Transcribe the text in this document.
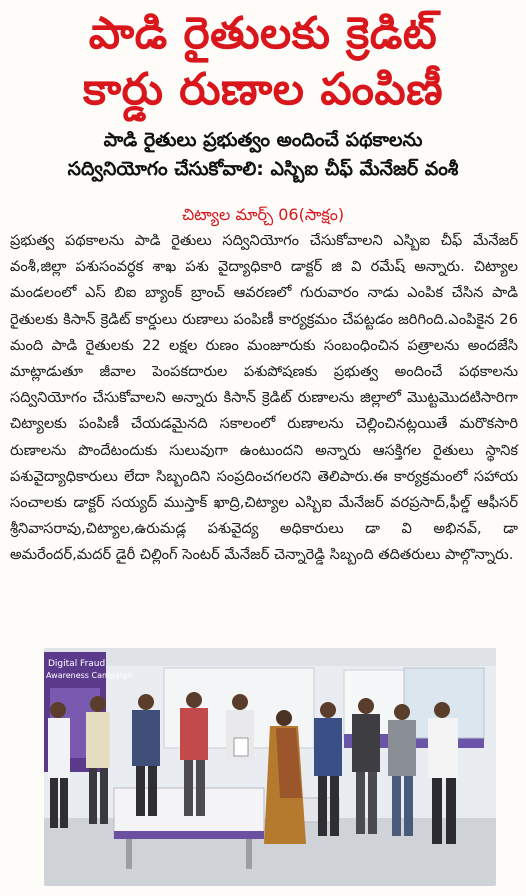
పాడి రైతులకు క్రెడిట్
కార్డు రుణాల పంపిణీ
పాడి రైతులు ప్రభుత్వం అందించే పథకాలను
సద్వినియోగం చేసుకోవాలి: ఎస్బిఐ చీఫ్ మేనేజర్ వంశీ
చిట్యాల మార్చ్ 06(సాక్షం)

ప్రభుత్వ పథకాలను పాడి రైతులు సద్వినియోగం చేసుకోవాలని ఎస్బిఐ చీఫ్ మేనేజర్ వంశీ,జిల్లా పశుసంవర్ధక శాఖ పశు వైద్యాధికారి డాక్టర్ జి వి రమేష్ అన్నారు. చిట్యాల మండలంలో ఎస్ బిఐ బ్యాంక్ బ్రాంచ్ ఆవరణలో గురువారం నాడు ఎంపిక చేసిన పాడి రైతులకు కిసాన్ క్రెడిట్ కార్డులు రుణాలు పంపిణీ కార్యక్రమం చేపట్టడం జరిగింది.ఎంపికైన 26 మంది పాడి రైతులకు 22 లక్షల రుణం మంజూరుకు సంబంధించిన పత్రాలను అందజేసి మాట్లాడుతూ జీవాల పెంపకదారుల పశుపోషణకు ప్రభుత్వ అందించే పథకాలను సద్వినియోగం చేసుకోవాలని అన్నారు కిసాన్ క్రెడిట్ రుణాలను జిల్లాలో మొట్టమొదటిసారిగా చిట్యాలకు పంపిణీ చేయడమైనది సకాలంలో రుణాలను చెల్లించినట్లయితే మరొకసారి రుణాలను పొందేటందుకు సులువుగా ఉంటుందని అన్నారు ఆసక్తిగల రైతులు స్థానిక పశువైద్యాధికారులు లేదా సిబ్బందిని సంప్రదించగలరని తెలిపారు.ఈ కార్యక్రమంలో సహాయ సంచాలకు డాక్టర్ సయ్యద్ ముస్తాక్ ఖాద్రి,చిట్యాల ఎస్బిఐ మేనేజర్ వరప్రసాద్,ఫీల్డ్ ఆఫీసర్ శ్రీనివాసరావు,చిట్యాల,ఉరుమడ్ల పశువైద్య అధికారులు డా వి అభినవ్, డా అమరేందర్,మదర్ డైరీ చిల్లింగ్ సెంటర్ మేనేజర్ చెన్నారెడ్డి సిబ్బంది తదితరులు పాల్గొన్నారు.

Digital Fraud
Awareness Campaign
